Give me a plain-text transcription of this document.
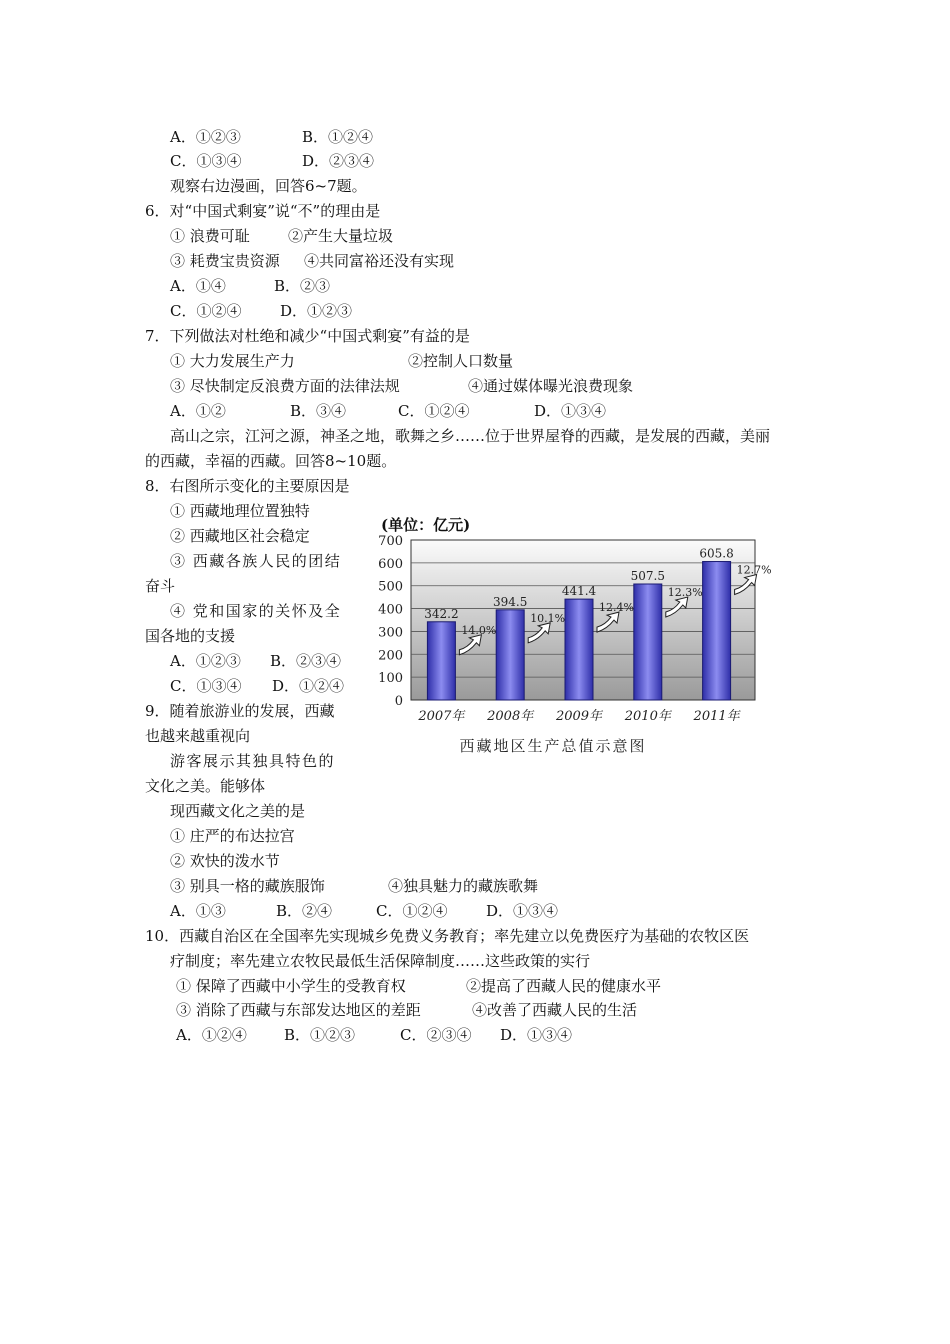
A．①②③	B．①②④
C．①③④	D．②③④
观察右边漫画，回答6~7题。
6．对“中国式剩宴”说“不”的理由是
① 浪费可耻	②产生大量垃圾
③ 耗费宝贵资源 ④共同富裕还没有实现
A．①④	B．②③
C．①②④	D．①②③
7．下列做法对杜绝和减少“中国式剩宴”有益的是
① 大力发展生产力	②控制人口数量
③ 尽快制定反浪费方面的法律法规	④通过媒体曝光浪费现象
A．①②	B．③④	C．①②④	D．①③④
高山之宗，江河之源，神圣之地，歌舞之乡……位于世界屋脊的西藏，是发展的西藏，美丽
的西藏，幸福的西藏。回答8~10题。
8．右图所示变化的主要原因是
① 西藏地理位置独特
② 西藏地区社会稳定
③ 西藏各族人民的团结
奋斗
④ 党和国家的关怀及全
国各地的支援
A．①②③ B．②③④
C．①③④ D．①②④
9．随着旅游业的发展，西藏
也越来越重视向
游客展示其独具特色的
文化之美。能够体
现西藏文化之美的是
① 庄严的布达拉宫
② 欢快的泼水节
③ 别具一格的藏族服饰	④独具魅力的藏族歌舞
A．①③	B．②④	C．①②④	D．①③④
10．西藏自治区在全国率先实现城乡免费义务教育；率先建立以免费医疗为基础的农牧区医
疗制度；率先建立农牧民最低生活保障制度……这些政策的实行
① 保障了西藏中小学生的受教育权	②提高了西藏人民的健康水平
③ 消除了西藏与东部发达地区的差距	④改善了西藏人民的生活
A．①②④ B．①②③	C．②③④ D．①③④
(单位：亿元)
0
100
200
300
400
500
600
700
342.2
14.0%
394.5
10.1%
441.4
12.4%
507.5
12.3%
605.8
12.7%
2007年 2008年 2009年 2010年 2011年
西藏地区生产总值示意图
